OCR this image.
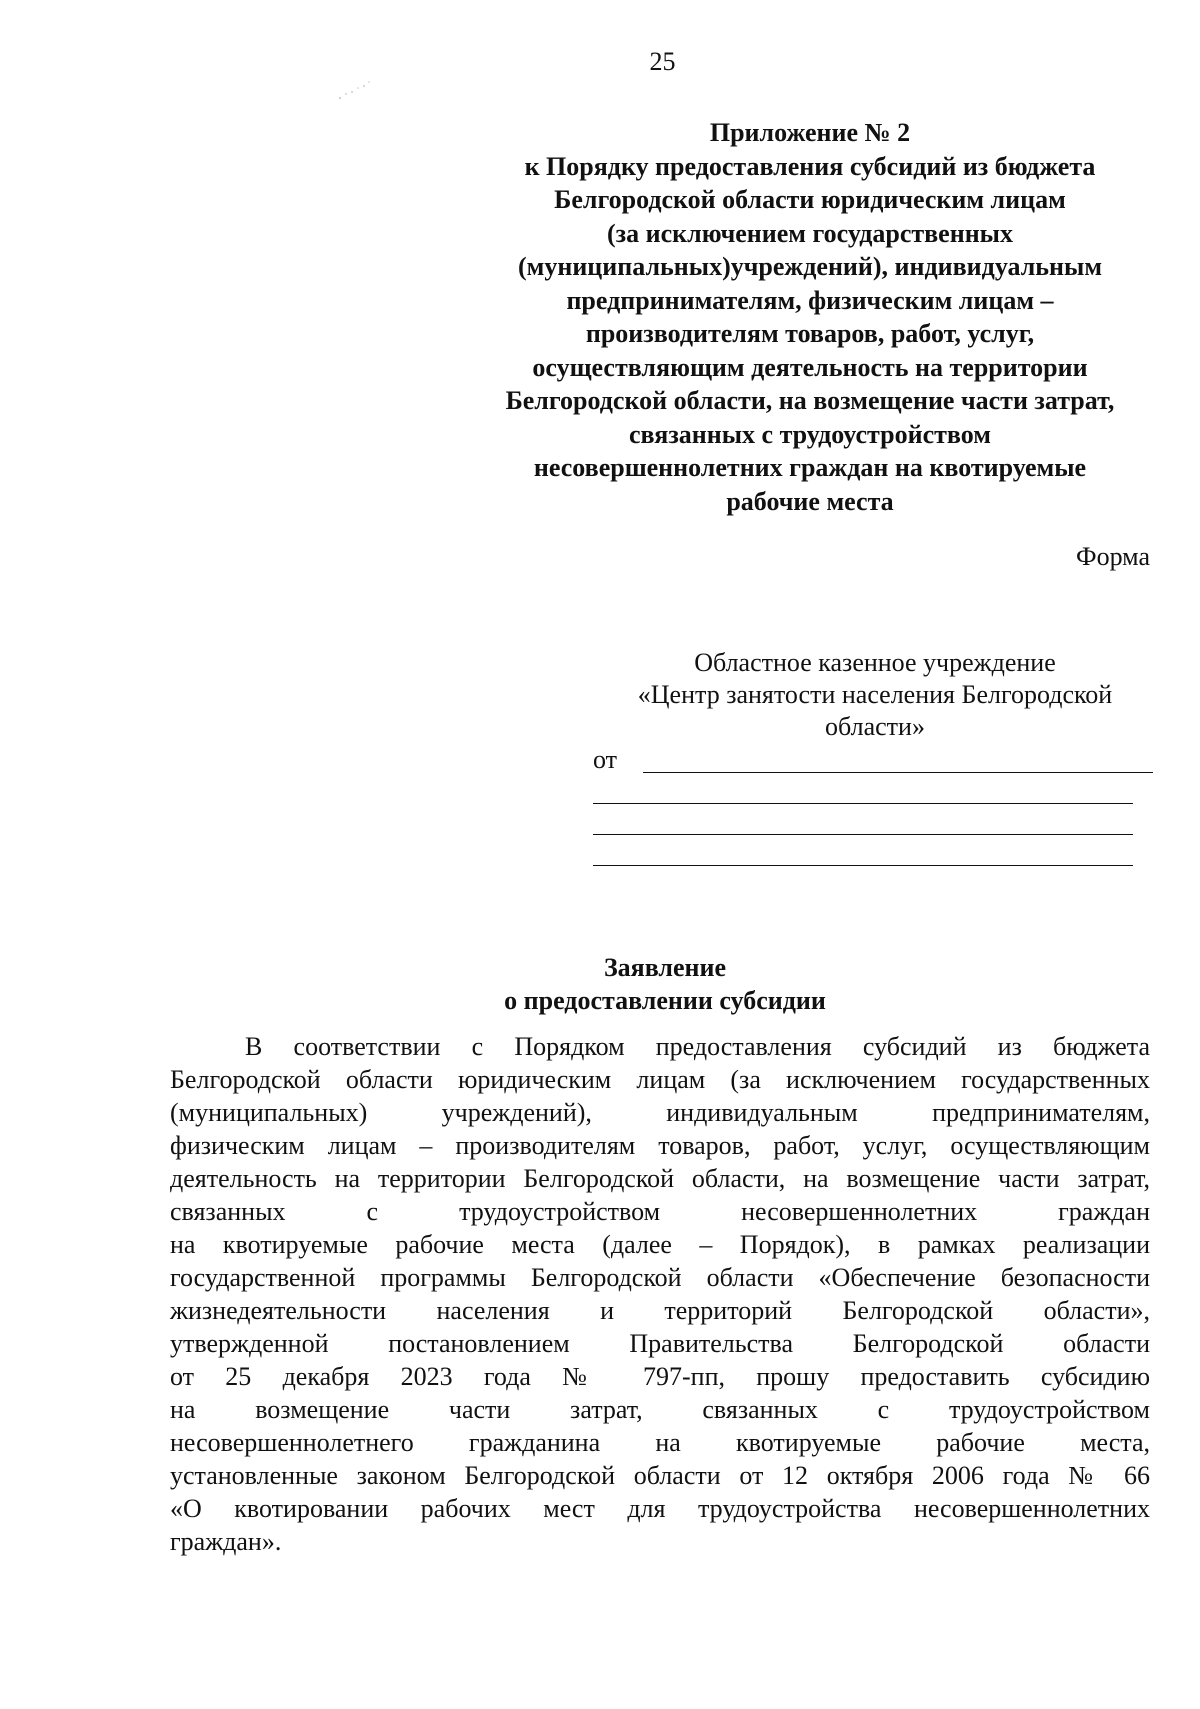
25
Приложение № 2
к Порядку предоставления субсидий из бюджета
Белгородской области юридическим лицам
(за исключением государственных
(муниципальных)учреждений), индивидуальным
предпринимателям, физическим лицам –
производителям товаров, работ, услуг,
осуществляющим деятельность на территории
Белгородской области, на возмещение части затрат,
связанных с трудоустройством
несовершеннолетних граждан на квотируемые
рабочие места
Форма
Областное казенное учреждение
«Центр занятости населения Белгородской
области»
от
Заявление
о предоставлении субсидии
В соответствии с Порядком предоставления субсидий из бюджета
Белгородской области юридическим лицам (за исключением государственных
(муниципальных) учреждений), индивидуальным предпринимателям,
физическим лицам – производителям товаров, работ, услуг, осуществляющим
деятельность на территории Белгородской области, на возмещение части затрат,
связанных с трудоустройством несовершеннолетних граждан
на квотируемые рабочие места (далее – Порядок), в рамках реализации
государственной программы Белгородской области «Обеспечение безопасности
жизнедеятельности населения и территорий Белгородской области»,
утвержденной постановлением Правительства Белгородской области
от 25 декабря 2023 года № 797-пп, прошу предоставить субсидию
на возмещение части затрат, связанных с трудоустройством
несовершеннолетнего гражданина на квотируемые рабочие места,
установленные законом Белгородской области от 12 октября 2006 года № 66
«О квотировании рабочих мест для трудоустройства несовершеннолетних
граждан».
